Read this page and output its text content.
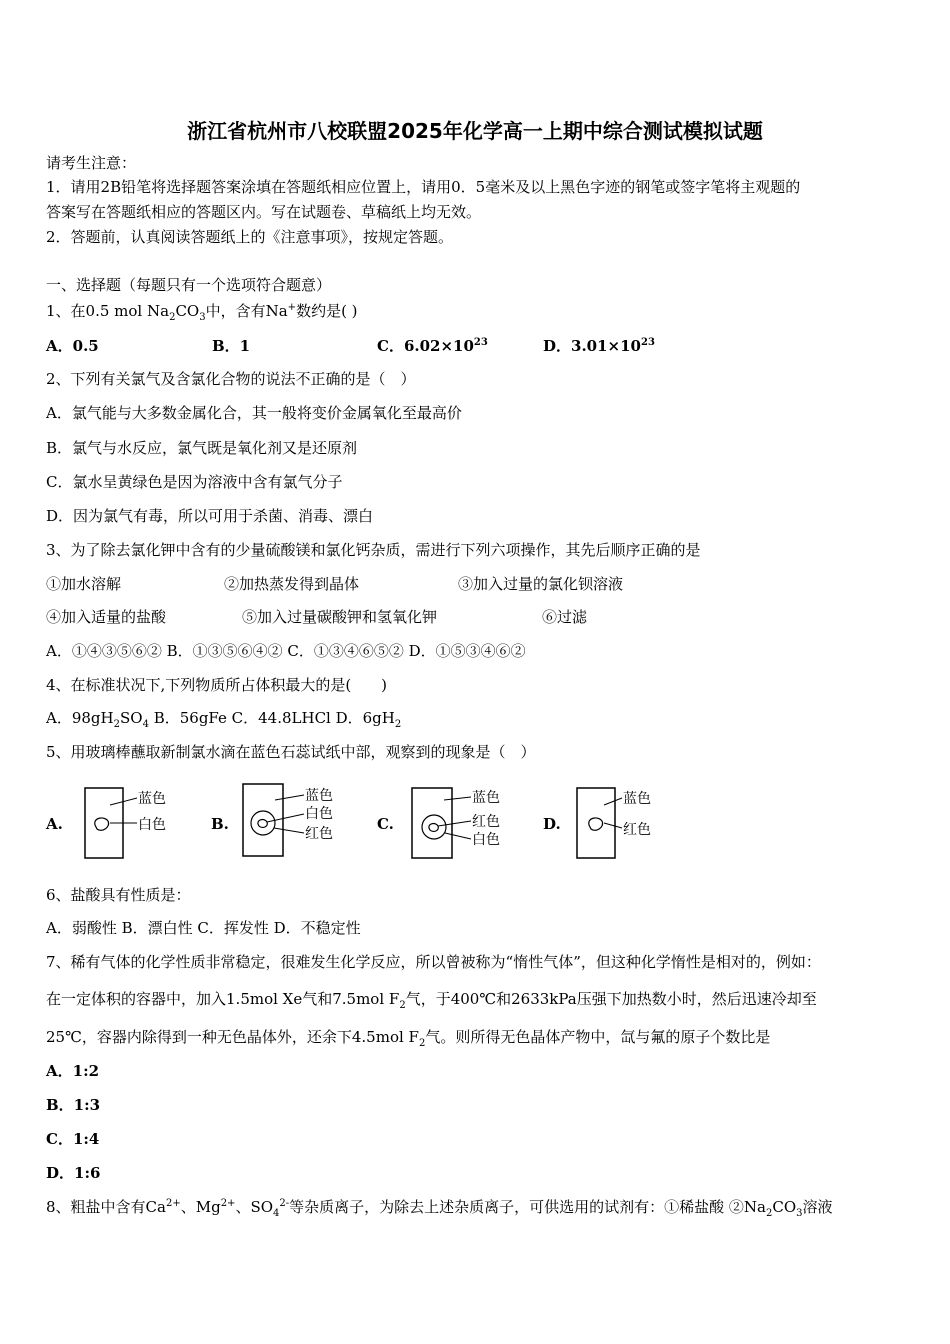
浙江省杭州市八校联盟2025年化学高一上期中综合测试模拟试题
请考生注意：
1．请用2B铅笔将选择题答案涂填在答题纸相应位置上，请用0．5毫米及以上黑色字迹的钢笔或签字笔将主观题的
答案写在答题纸相应的答题区内。写在试题卷、草稿纸上均无效。
2．答题前，认真阅读答题纸上的《注意事项》，按规定答题。
一、选择题（每题只有一个选项符合题意）
1、在0.5 mol $Na_2CO_3$中，含有Na+数约是( )
A．0.5	B．1	C．$6.02\times 10^{23}$	D．$3.01\times 10^{23}$
2、下列有关氯气及含氯化合物的说法不正确的是（　）
A．氯气能与大多数金属化合，其一般将变价金属氧化至最高价
B．氯气与水反应，氯气既是氧化剂又是还原剂
C．氯水呈黄绿色是因为溶液中含有氯气分子
D．因为氯气有毒，所以可用于杀菌、消毒、漂白
3、为了除去氯化钾中含有的少量硫酸镁和氯化钙杂质，需进行下列六项操作，其先后顺序正确的是
①加水溶解	②加热蒸发得到晶体	③加入过量的氯化钡溶液
④加入适量的盐酸	⑤加入过量碳酸钾和氢氧化钾	⑥过滤
A．①④③⑤⑥② B．①③⑤⑥④② C．①③④⑥⑤② D．①⑤③④⑥②
4、在标准状况下,下列物质所占体积最大的是(　　)
A．$98gH_2SO_4$ B．56gFe C．44.8LHCl D．$6gH_2$
5、用玻璃棒蘸取新制氯水滴在蓝色石蕊试纸中部，观察到的现象是（　）
A.
蓝色
白色	B.
蓝色
白色
红色
C.
蓝色
红色
白色
D.
蓝色
红色
6、盐酸具有性质是：
A．弱酸性 B．漂白性 C．挥发性 D．不稳定性
7、稀有气体的化学性质非常稳定，很难发生化学反应，所以曾被称为“惰性气体”，但这种化学惰性是相对的，例如：
在一定体积的容器中，加入1.5mol Xe气和7.5mol $F_2$气，于400℃和2633kPa压强下加热数小时，然后迅速冷却至
25℃，容器内除得到一种无色晶体外，还余下4.5mol $F_2$气。则所得无色晶体产物中，氙与氟的原子个数比是
A．1:2
B．1:3
C．1:4
D．1:6
8、粗盐中含有$Ca^{2+}$、$Mg^{2+}$、$SO_4^{2-}$等杂质离子，为除去上述杂质离子，可供选用的试剂有：①稀盐酸 $②Na_2CO_3$溶液
